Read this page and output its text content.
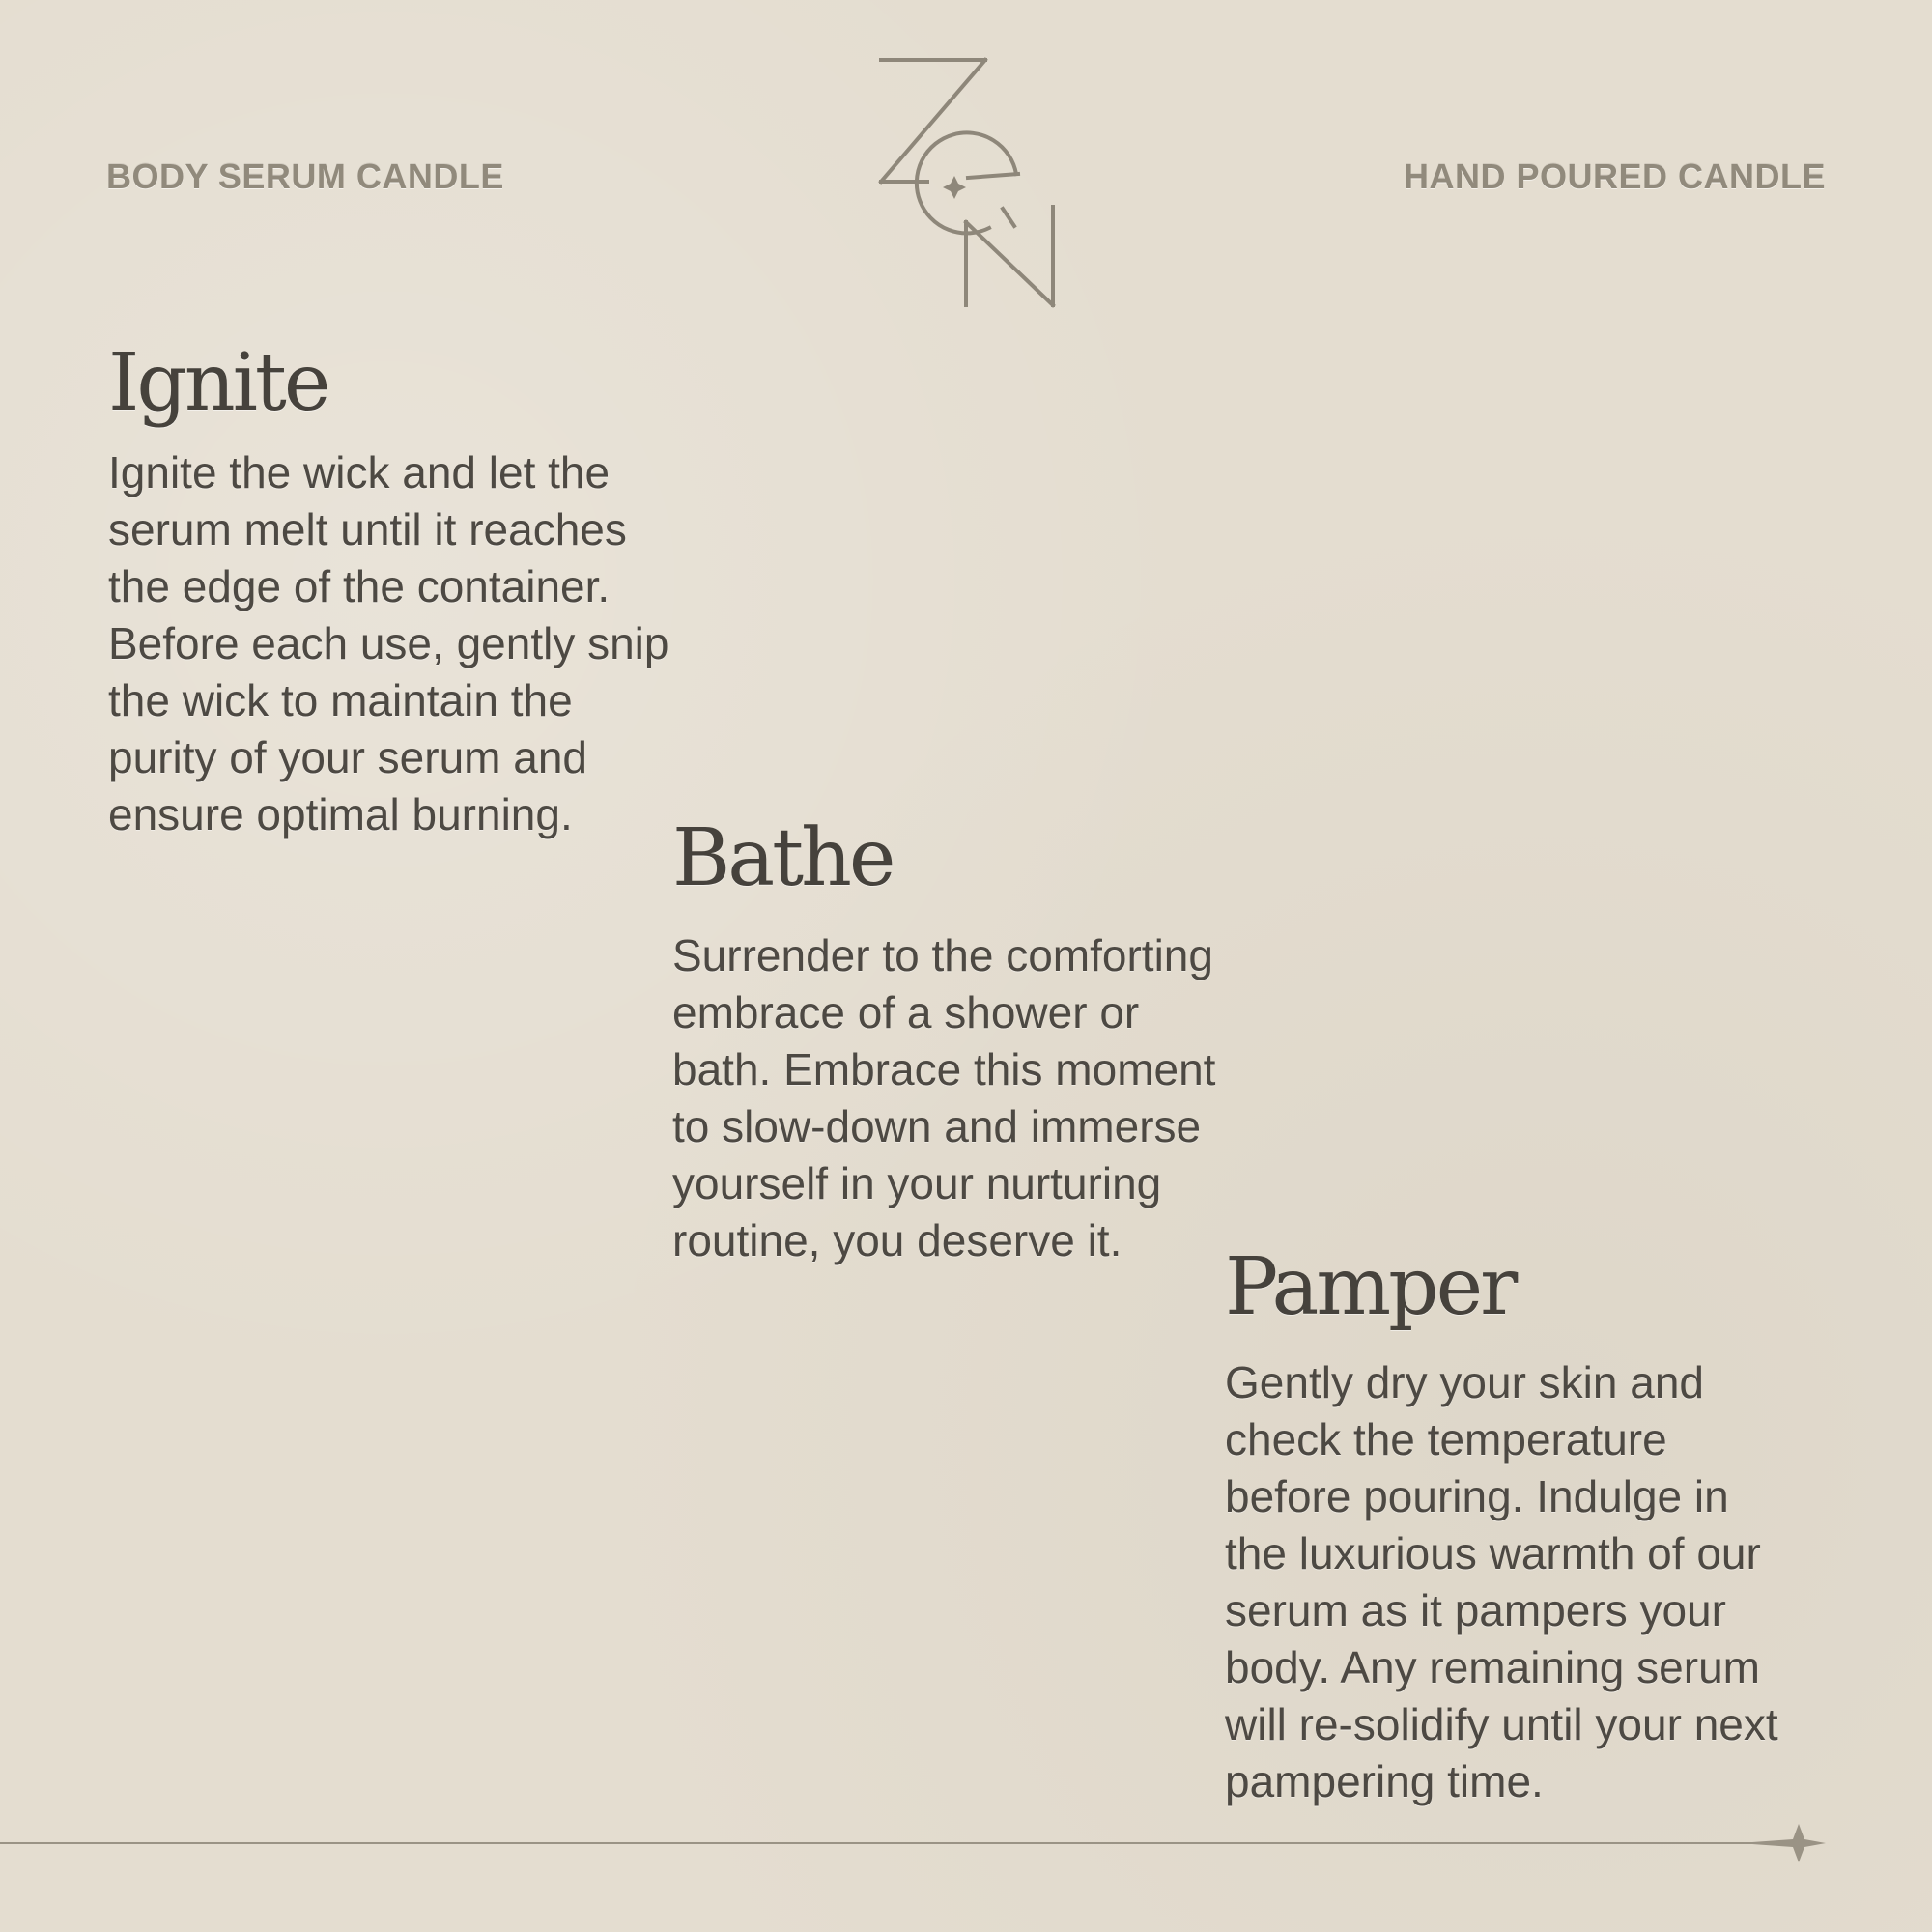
BODY SERUM CANDLE	HAND POURED CANDLE
Ignite

Ignite the wick and let the
serum melt until it reaches
the edge of the container.
Before each use, gently snip
the wick to maintain the
purity of your serum and
ensure optimal burning.	Bathe

Surrender to the comforting
embrace of a shower or
bath. Embrace this moment
to slow-down and immerse
yourself in your nurturing
routine, you deserve it.

Pamper

Gently dry your skin and
check the temperature
before pouring. Indulge in
the luxurious warmth of our
serum as it pampers your
body. Any remaining serum
will re-solidify until your next
pampering time.
